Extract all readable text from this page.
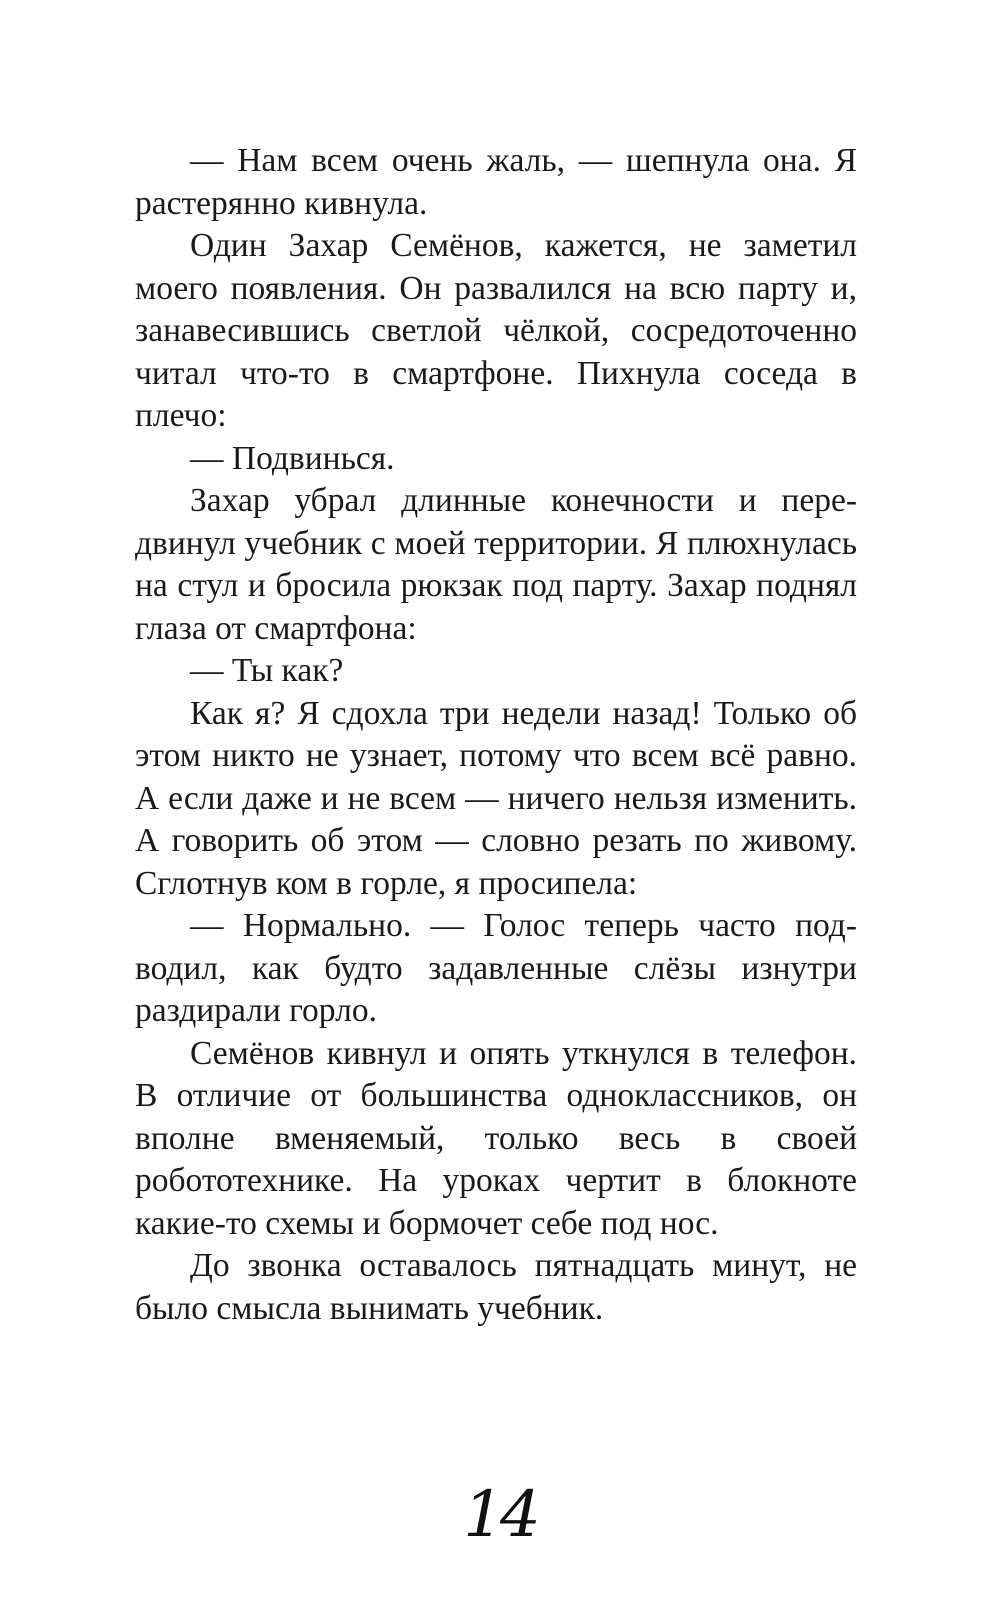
— Нам всем очень жаль, — шепнула она. Я растерянно кивнула.

Один Захар Семёнов, кажется, не заметил моего появления. Он развалился на всю парту и, занавесившись светлой чёлкой, сосредоточенно читал что-то в смартфоне. Пихнула соседа в плечо:

— Подвинься.

Захар убрал длинные конечности и передвинул учебник с моей территории. Я плюхнулась на стул и бросила рюкзак под парту. Захар поднял глаза от смартфона:

— Ты как?

Как я? Я сдохла три недели назад! Только об этом никто не узнает, потому что всем всё равно. А если даже и не всем — ничего нельзя изменить. А говорить об этом — словно резать по живому. Сглотнув ком в горле, я просипела:

— Нормально. — Голос теперь часто подводил, как будто задавленные слёзы изнутри раздирали горло.

Семёнов кивнул и опять уткнулся в телефон. В отличие от большинства одноклассников, он вполне вменяемый, только весь в своей робототехнике. На уроках чертит в блокноте какие-то схемы и бормочет себе под нос.

До звонка оставалось пятнадцать минут, не было смысла вынимать учебник.

14
